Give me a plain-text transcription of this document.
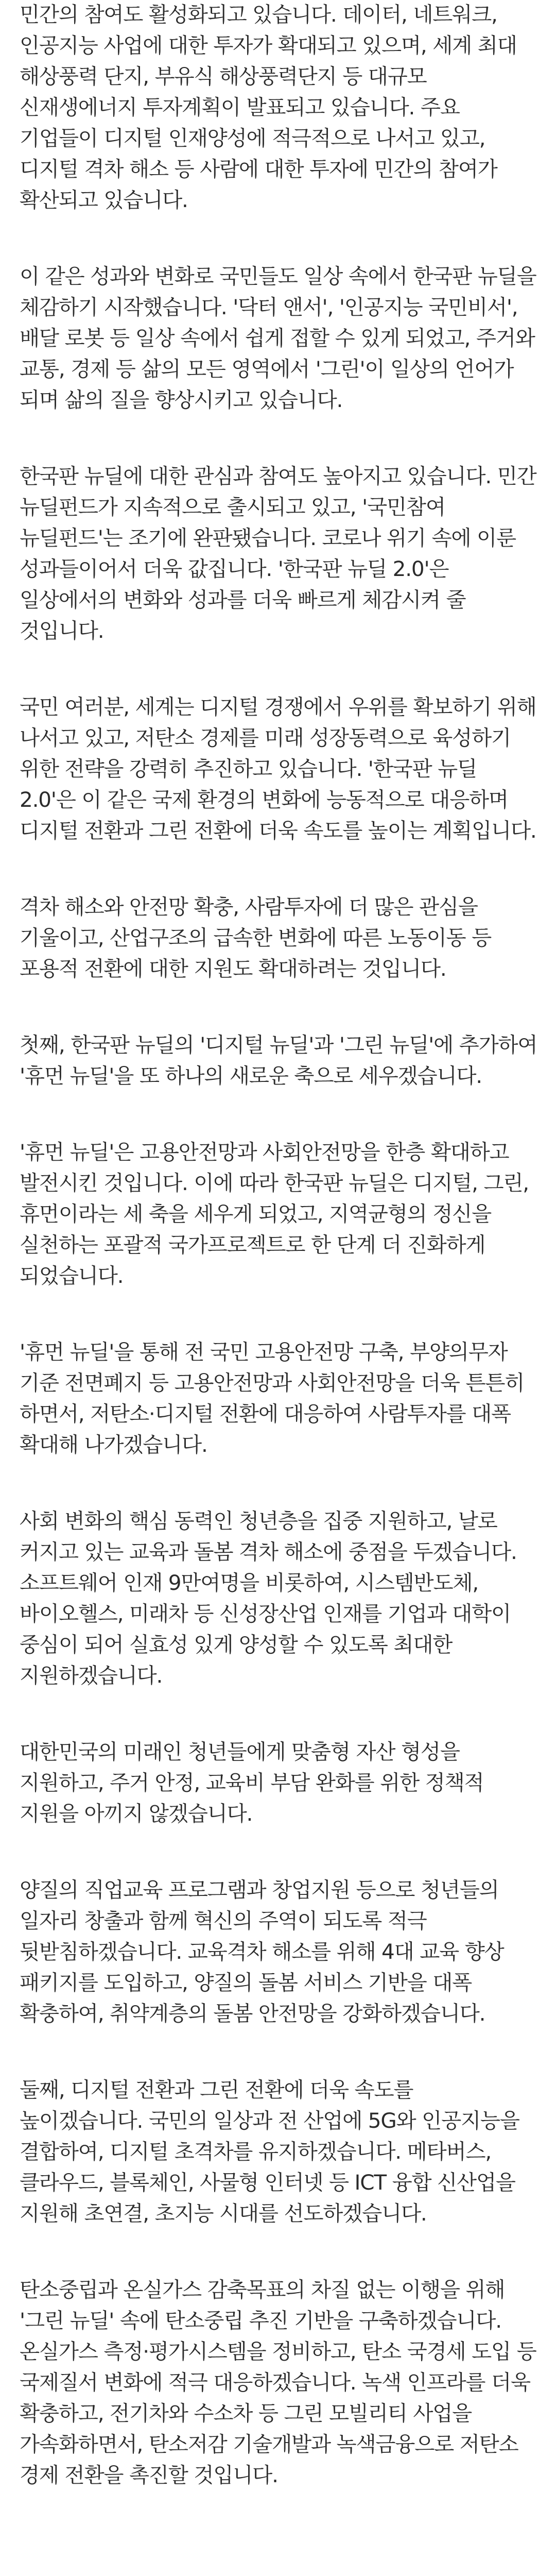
민간의 참여도 활성화되고 있습니다. 데이터, 네트워크, 인공지능 사업에 대한 투자가 확대되고 있으며, 세계 최대 해상풍력 단지, 부유식 해상풍력단지 등 대규모 신재생에너지 투자계획이 발표되고 있습니다. 주요 기업들이 디지털 인재양성에 적극적으로 나서고 있고, 디지털 격차 해소 등 사람에 대한 투자에 민간의 참여가 확산되고 있습니다.

이 같은 성과와 변화로 국민들도 일상 속에서 한국판 뉴딜을 체감하기 시작했습니다. '닥터 앤서', '인공지능 국민비서', 배달 로봇 등 일상 속에서 쉽게 접할 수 있게 되었고, 주거와 교통, 경제 등 삶의 모든 영역에서 '그린'이 일상의 언어가 되며 삶의 질을 향상시키고 있습니다.

한국판 뉴딜에 대한 관심과 참여도 높아지고 있습니다. 민간 뉴딜펀드가 지속적으로 출시되고 있고, '국민참여 뉴딜펀드'는 조기에 완판됐습니다. 코로나 위기 속에 이룬 성과들이어서 더욱 값집니다. '한국판 뉴딜 2.0'은 일상에서의 변화와 성과를 더욱 빠르게 체감시켜 줄 것입니다.

국민 여러분, 세계는 디지털 경쟁에서 우위를 확보하기 위해 나서고 있고, 저탄소 경제를 미래 성장동력으로 육성하기 위한 전략을 강력히 추진하고 있습니다. '한국판 뉴딜 2.0'은 이 같은 국제 환경의 변화에 능동적으로 대응하며 디지털 전환과 그린 전환에 더욱 속도를 높이는 계획입니다.

격차 해소와 안전망 확충, 사람투자에 더 많은 관심을 기울이고, 산업구조의 급속한 변화에 따른 노동이동 등 포용적 전환에 대한 지원도 확대하려는 것입니다.

첫째, 한국판 뉴딜의 '디지털 뉴딜'과 '그린 뉴딜'에 추가하여 '휴먼 뉴딜'을 또 하나의 새로운 축으로 세우겠습니다.

'휴먼 뉴딜'은 고용안전망과 사회안전망을 한층 확대하고 발전시킨 것입니다. 이에 따라 한국판 뉴딜은 디지털, 그린, 휴먼이라는 세 축을 세우게 되었고, 지역균형의 정신을 실천하는 포괄적 국가프로젝트로 한 단계 더 진화하게 되었습니다.

'휴먼 뉴딜'을 통해 전 국민 고용안전망 구축, 부양의무자 기준 전면폐지 등 고용안전망과 사회안전망을 더욱 튼튼히 하면서, 저탄소·디지털 전환에 대응하여 사람투자를 대폭 확대해 나가겠습니다.

사회 변화의 핵심 동력인 청년층을 집중 지원하고, 날로 커지고 있는 교육과 돌봄 격차 해소에 중점을 두겠습니다. 소프트웨어 인재 9만여명을 비롯하여, 시스템반도체, 바이오헬스, 미래차 등 신성장산업 인재를 기업과 대학이 중심이 되어 실효성 있게 양성할 수 있도록 최대한 지원하겠습니다.

대한민국의 미래인 청년들에게 맞춤형 자산 형성을 지원하고, 주거 안정, 교육비 부담 완화를 위한 정책적 지원을 아끼지 않겠습니다.

양질의 직업교육 프로그램과 창업지원 등으로 청년들의 일자리 창출과 함께 혁신의 주역이 되도록 적극 뒷받침하겠습니다. 교육격차 해소를 위해 4대 교육 향상 패키지를 도입하고, 양질의 돌봄 서비스 기반을 대폭 확충하여, 취약계층의 돌봄 안전망을 강화하겠습니다.

둘째, 디지털 전환과 그린 전환에 더욱 속도를 높이겠습니다. 국민의 일상과 전 산업에 5G와 인공지능을 결합하여, 디지털 초격차를 유지하겠습니다. 메타버스, 클라우드, 블록체인, 사물형 인터넷 등 ICT 융합 신산업을 지원해 초연결, 초지능 시대를 선도하겠습니다.

탄소중립과 온실가스 감축목표의 차질 없는 이행을 위해 '그린 뉴딜' 속에 탄소중립 추진 기반을 구축하겠습니다. 온실가스 측정·평가시스템을 정비하고, 탄소 국경세 도입 등 국제질서 변화에 적극 대응하겠습니다. 녹색 인프라를 더욱 확충하고, 전기차와 수소차 등 그린 모빌리티 사업을 가속화하면서, 탄소저감 기술개발과 녹색금융으로 저탄소 경제 전환을 촉진할 것입니다.
